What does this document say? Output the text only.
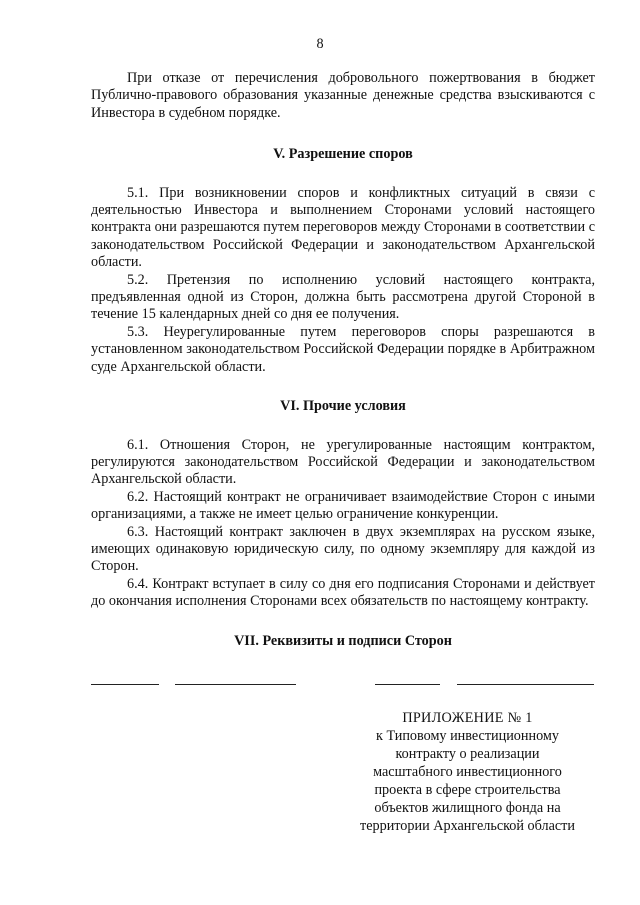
8

При отказе от перечисления добровольного пожертвования в бюджет Публично-правового образования указанные денежные средства взыскиваются с Инвестора в судебном порядке.

V. Разрешение споров

5.1. При возникновении споров и конфликтных ситуаций в связи с деятельностью Инвестора и выполнением Сторонами условий настоящего контракта они разрешаются путем переговоров между Сторонами в соответствии с законодательством Российской Федерации и законодательством Архангельской области.

5.2. Претензия по исполнению условий настоящего контракта, предъявленная одной из Сторон, должна быть рассмотрена другой Стороной в течение 15 календарных дней со дня ее получения.

5.3. Неурегулированные путем переговоров споры разрешаются в установленном законодательством Российской Федерации порядке в Арбитражном суде Архангельской области.

VI. Прочие условия

6.1. Отношения Сторон, не урегулированные настоящим контрактом, регулируются законодательством Российской Федерации и законодательством Архангельской области.

6.2. Настоящий контракт не ограничивает взаимодействие Сторон с иными организациями, а также не имеет целью ограничение конкуренции.

6.3. Настоящий контракт заключен в двух экземплярах на русском языке, имеющих одинаковую юридическую силу, по одному экземпляру для каждой из Сторон.

6.4. Контракт вступает в силу со дня его подписания Сторонами и действует до окончания исполнения Сторонами всех обязательств по настоящему контракту.

VII. Реквизиты и подписи Сторон
ПРИЛОЖЕНИЕ № 1
к Типовому инвестиционному
контракту о реализации
масштабного инвестиционного
проекта в сфере строительства
объектов жилищного фонда на
территории Архангельской области
